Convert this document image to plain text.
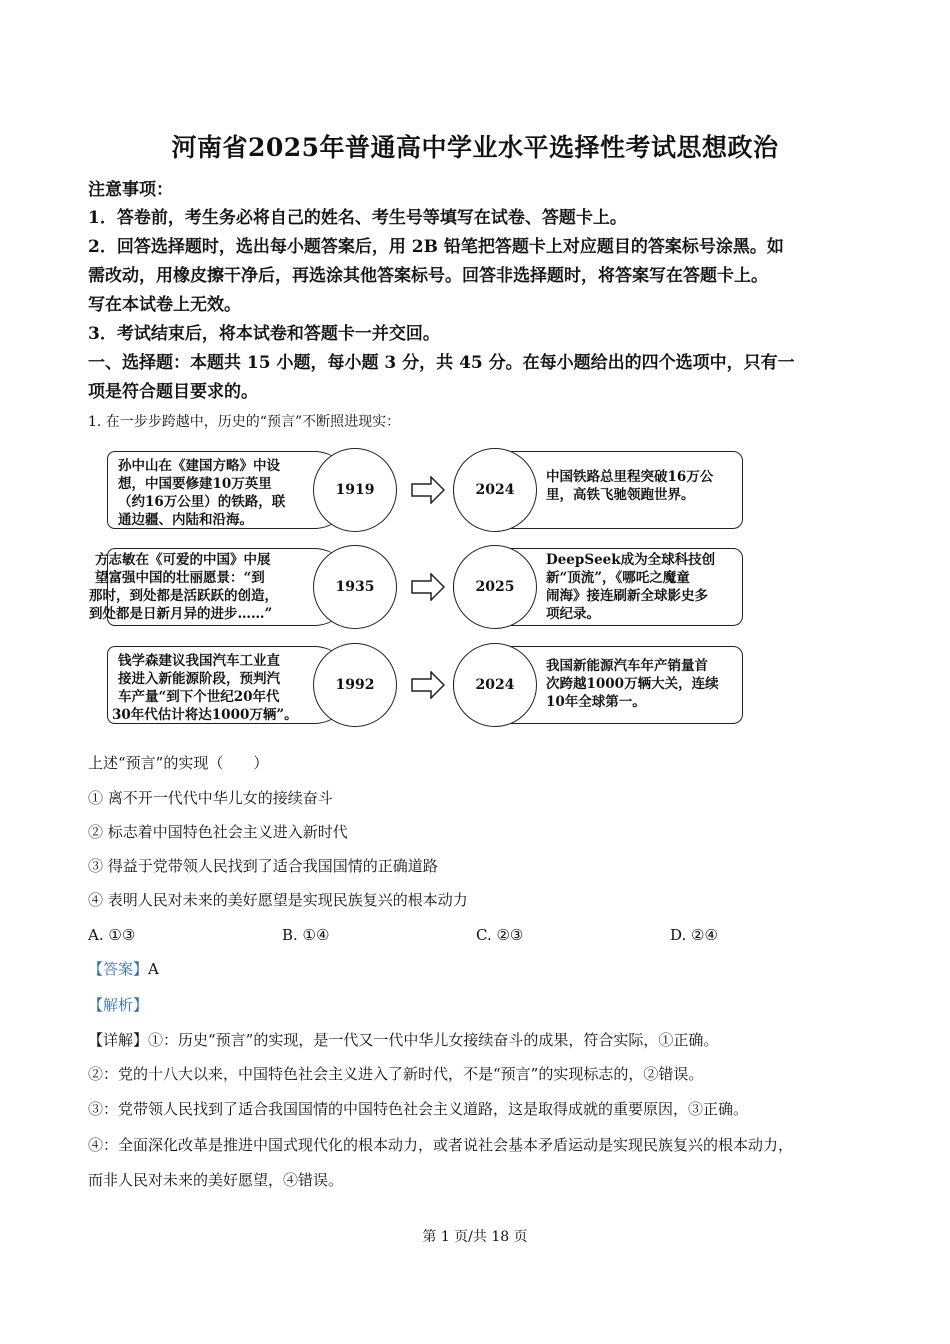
河南省2025年普通高中学业水平选择性考试思想政治
注意事项：
1．答卷前，考生务必将自己的姓名、考生号等填写在试卷、答题卡上。
2．回答选择题时，选出每小题答案后，用 2B 铅笔把答题卡上对应题目的答案标号涂黑。如
需改动，用橡皮擦干净后，再选涂其他答案标号。回答非选择题时，将答案写在答题卡上。
写在本试卷上无效。
3．考试结束后，将本试卷和答题卡一并交回。
一、选择题：本题共 15 小题，每小题 3 分，共 45 分。在每小题给出的四个选项中，只有一
项是符合题目要求的。
1. 在一步步跨越中，历史的“预言”不断照进现实：
孙中山在《建国方略》中设
想，中国要修建10万英里
（约16万公里）的铁路，联
通边疆、内陆和沿海。
中国铁路总里程突破16万公
里，高铁飞驰领跑世界。
1919	2024
方志敏在《可爱的中国》中展
望富强中国的壮丽愿景：“到
那时，到处都是活跃跃的创造，
到处都是日新月异的进步……”
DeepSeek成为全球科技创
新“顶流”，《哪吒之魔童
闹海》接连刷新全球影史多
项纪录。
1935	2025
钱学森建议我国汽车工业直
接进入新能源阶段，预判汽
车产量“到下个世纪20年代
30年代估计将达1000万辆”。
我国新能源汽车年产销量首
次跨越1000万辆大关，连续
10年全球第一。
1992	2024
上述“预言”的实现（　　）
① 离不开一代代中华儿女的接续奋斗
② 标志着中国特色社会主义进入新时代
③ 得益于党带领人民找到了适合我国国情的正确道路
④ 表明人民对未来的美好愿望是实现民族复兴的根本动力
A. ①③	B. ①④	C. ②③	D. ②④
【答案】A
【解析】
【详解】①：历史“预言”的实现，是一代又一代中华儿女接续奋斗的成果，符合实际，①正确。
②：党的十八大以来，中国特色社会主义进入了新时代，不是“预言”的实现标志的，②错误。
③：党带领人民找到了适合我国国情的中国特色社会主义道路，这是取得成就的重要原因，③正确。
④：全面深化改革是推进中国式现代化的根本动力，或者说社会基本矛盾运动是实现民族复兴的根本动力，
而非人民对未来的美好愿望，④错误。
第 1 页/共 18 页
